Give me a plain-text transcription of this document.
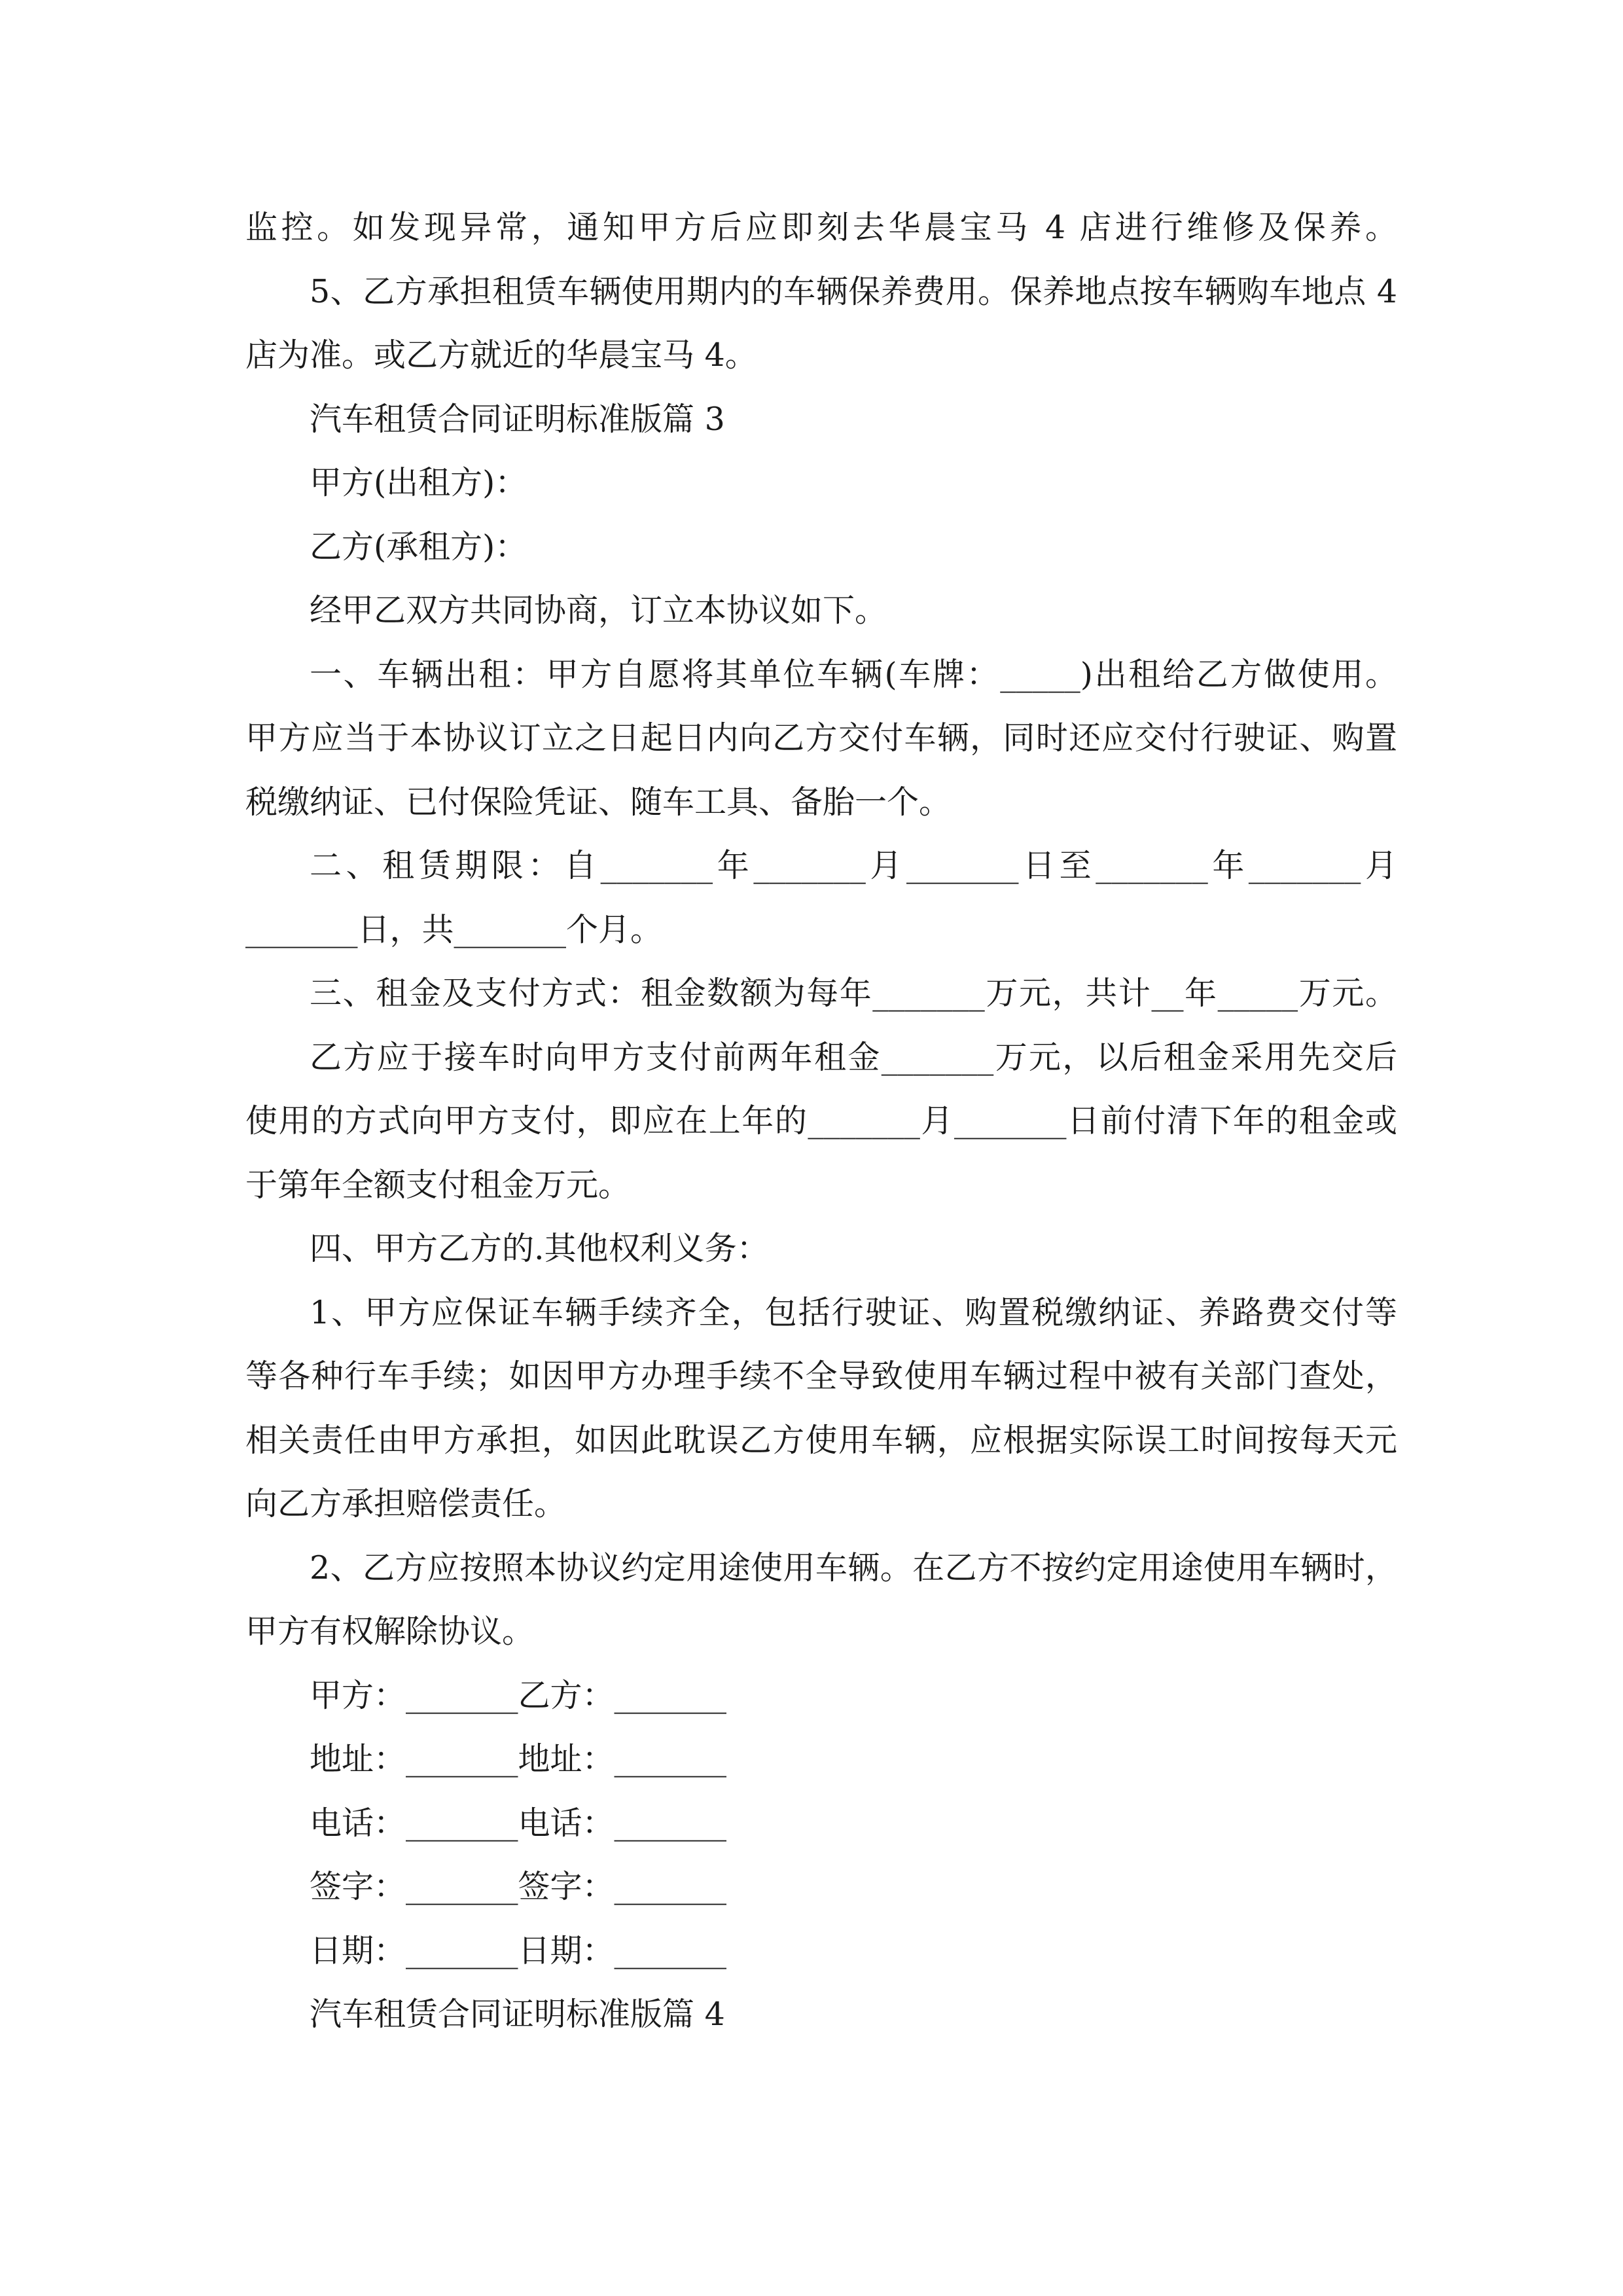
监控。如发现异常，通知甲方后应即刻去华晨宝马 4 店进行维修及保养。

5、乙方承担租赁车辆使用期内的车辆保养费用。保养地点按车辆购车地点 4

店为准。或乙方就近的华晨宝马 4。

汽车租赁合同证明标准版篇 3

甲方(出租方)：

乙方(承租方)：

经甲乙双方共同协商，订立本协议如下。

一、车辆出租：甲方自愿将其单位车辆(车牌：_____)出租给乙方做使用。

甲方应当于本协议订立之日起日内向乙方交付车辆，同时还应交付行驶证、购置

税缴纳证、已付保险凭证、随车工具、备胎一个。

二、租赁期限：自_______年_______月_______日至_______年_______月

_______日，共_______个月。

三、租金及支付方式：租金数额为每年_______万元，共计__年_____万元。

乙方应于接车时向甲方支付前两年租金_______万元，以后租金采用先交后

使用的方式向甲方支付，即应在上年的_______月_______日前付清下年的租金或

于第年全额支付租金万元。

四、甲方乙方的.其他权利义务：

1、甲方应保证车辆手续齐全，包括行驶证、购置税缴纳证、养路费交付等

等各种行车手续；如因甲方办理手续不全导致使用车辆过程中被有关部门查处，

相关责任由甲方承担，如因此耽误乙方使用车辆，应根据实际误工时间按每天元

向乙方承担赔偿责任。

2、乙方应按照本协议约定用途使用车辆。在乙方不按约定用途使用车辆时，

甲方有权解除协议。

甲方：_______乙方：_______

地址：_______地址：_______

电话：_______电话：_______

签字：_______签字：_______

日期：_______日期：_______

汽车租赁合同证明标准版篇 4
